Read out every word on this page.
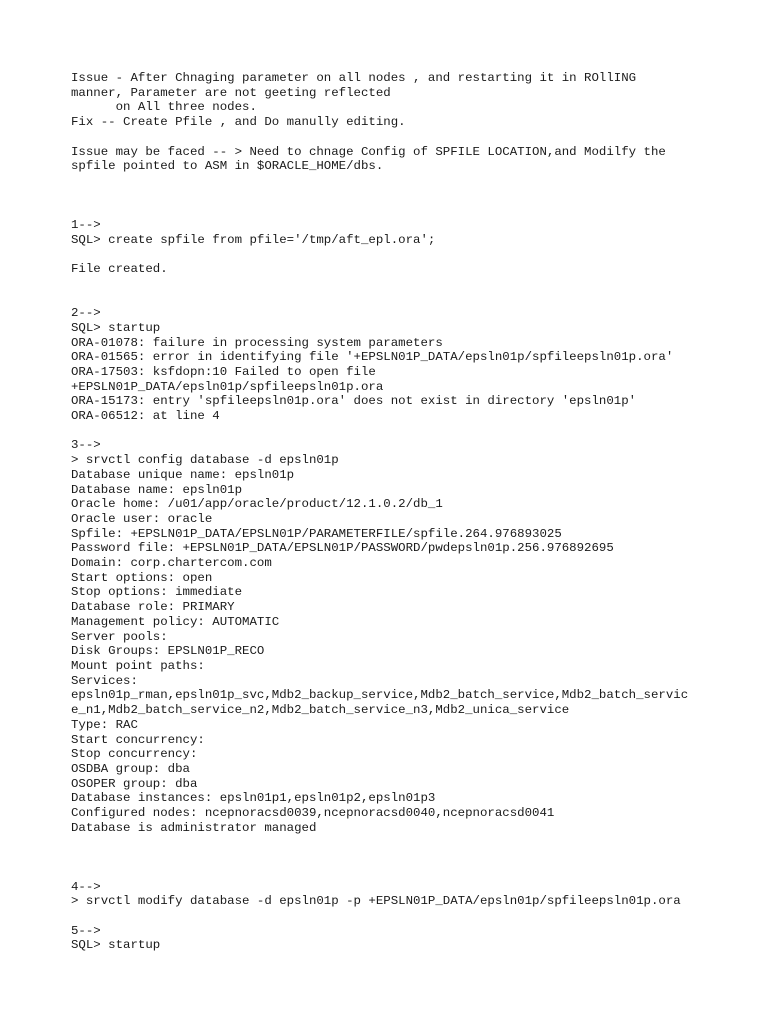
Issue - After Chnaging parameter on all nodes , and restarting it in ROllING
manner, Parameter are not geeting reflected
on All three nodes.
Fix -- Create Pfile , and Do manully editing.
Issue may be faced -- > Need to chnage Config of SPFILE LOCATION,and Modilfy the
spfile pointed to ASM in $ORACLE_HOME/dbs.
1-->
SQL> create spfile from pfile='/tmp/aft_epl.ora';
File created.
2-->
SQL> startup
ORA-01078: failure in processing system parameters
ORA-01565: error in identifying file '+EPSLN01P_DATA/epsln01p/spfileepsln01p.ora'
ORA-17503: ksfdopn:10 Failed to open file
+EPSLN01P_DATA/epsln01p/spfileepsln01p.ora
ORA-15173: entry 'spfileepsln01p.ora' does not exist in directory 'epsln01p'
ORA-06512: at line 4
3-->
> srvctl config database -d epsln01p
Database unique name: epsln01p
Database name: epsln01p
Oracle home: /u01/app/oracle/product/12.1.0.2/db_1
Oracle user: oracle
Spfile: +EPSLN01P_DATA/EPSLN01P/PARAMETERFILE/spfile.264.976893025
Password file: +EPSLN01P_DATA/EPSLN01P/PASSWORD/pwdepsln01p.256.976892695
Domain: corp.chartercom.com
Start options: open
Stop options: immediate
Database role: PRIMARY
Management policy: AUTOMATIC
Server pools:
Disk Groups: EPSLN01P_RECO
Mount point paths:
Services:
epsln01p_rman,epsln01p_svc,Mdb2_backup_service,Mdb2_batch_service,Mdb2_batch_servic
e_n1,Mdb2_batch_service_n2,Mdb2_batch_service_n3,Mdb2_unica_service
Type: RAC
Start concurrency:
Stop concurrency:
OSDBA group: dba
OSOPER group: dba
Database instances: epsln01p1,epsln01p2,epsln01p3
Configured nodes: ncepnoracsd0039,ncepnoracsd0040,ncepnoracsd0041
Database is administrator managed
4-->
> srvctl modify database -d epsln01p -p +EPSLN01P_DATA/epsln01p/spfileepsln01p.ora
5-->
SQL> startup
